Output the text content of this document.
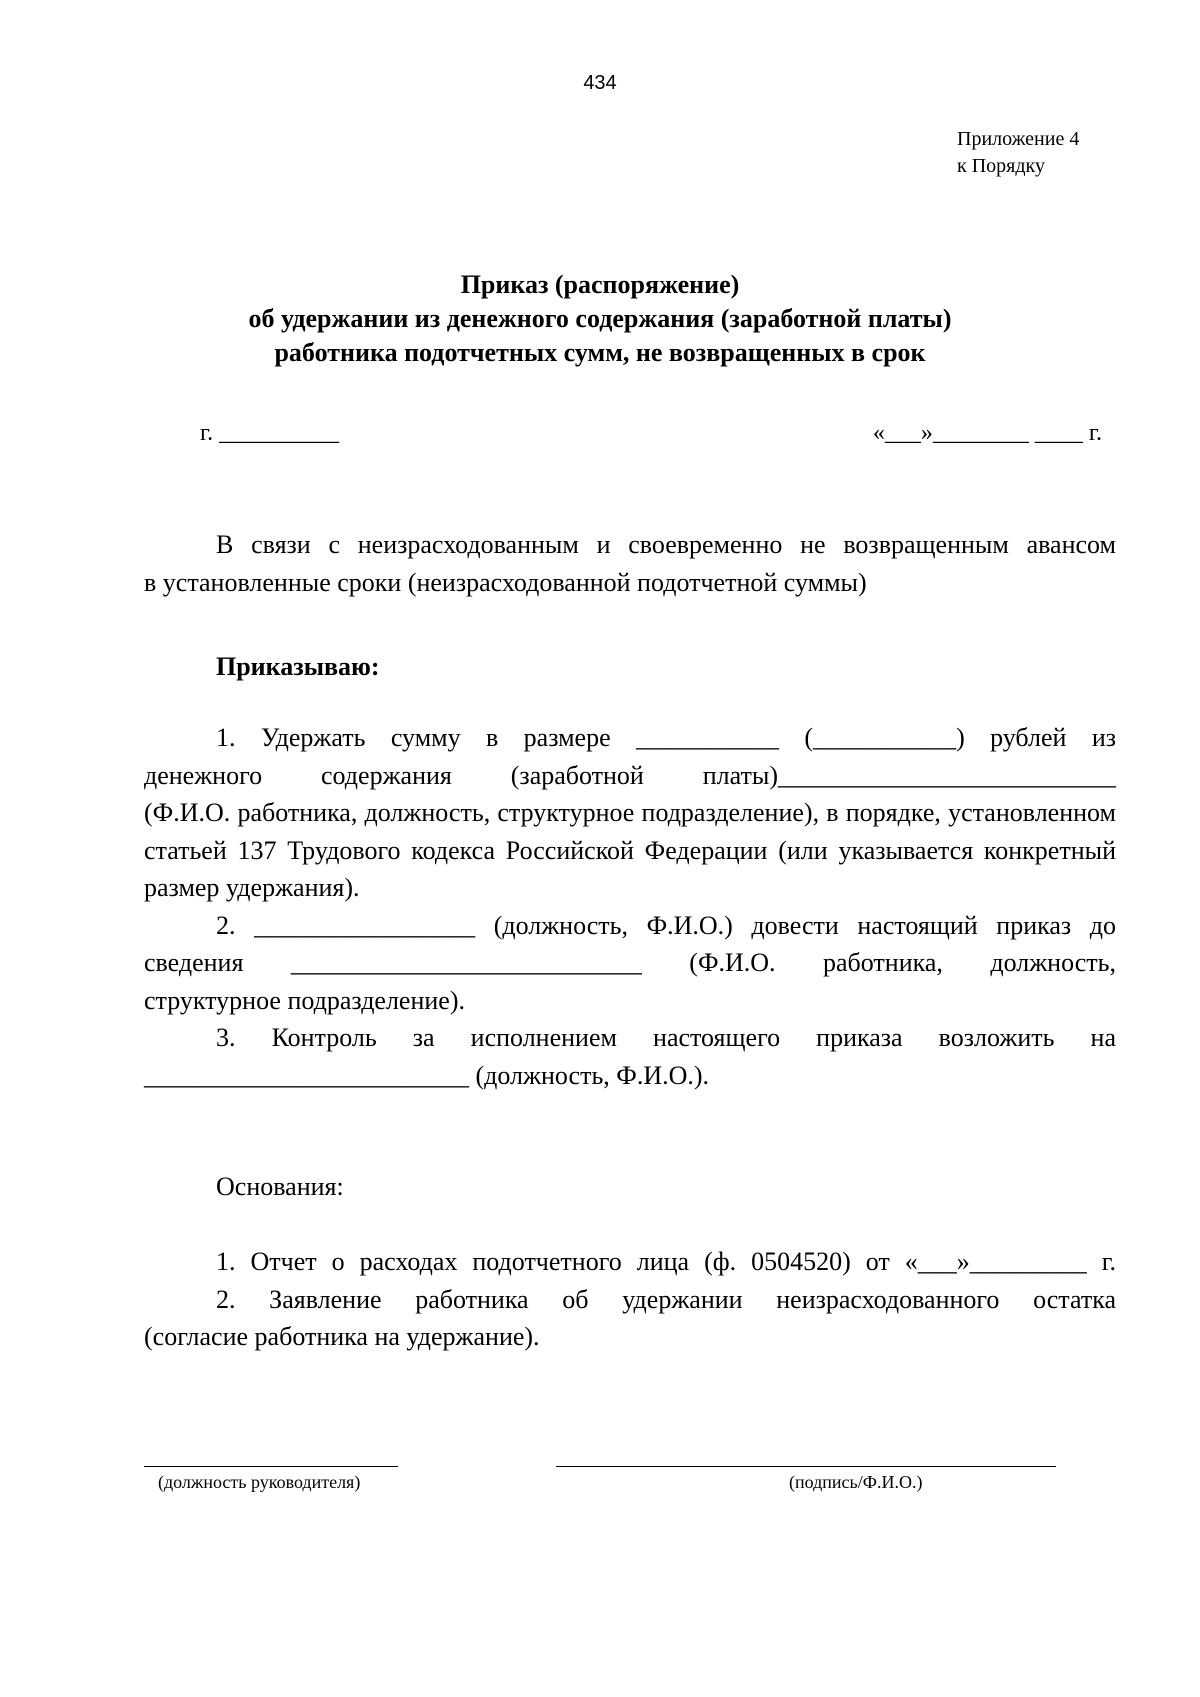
434
Приложение 4
к Порядку
Приказ (распоряжение)
об удержании из денежного содержания (заработной платы)
работника подотчетных сумм, не возвращенных в срок
г. __________	«___»________ ____ г.
В связи с неизрасходованным и своевременно не возвращенным авансом
в установленные сроки (неизрасходованной подотчетной суммы)
Приказываю:
1. Удержать сумму в размере ___________ (___________) рублей из
денежного содержания (заработной платы)__________________________

(Ф.И.О. работника, должность, структурное подразделение), в порядке, установленном статьей 137 Трудового кодекса Российской Федерации (или указывается конкретный размер удержания).

2. _________________ (должность, Ф.И.О.) довести настоящий приказ до
сведения ___________________________ (Ф.И.О. работника, должность,
структурное подразделение).
3. Контроль за исполнением настоящего приказа возложить на
_________________________ (должность, Ф.И.О.).
Основания:
1. Отчет о расходах подотчетного лица (ф. 0504520) от «___»_________ г.
2. Заявление работника об удержании неизрасходованного остатка
(согласие работника на удержание).
(должность руководителя)	(подпись/Ф.И.О.)
